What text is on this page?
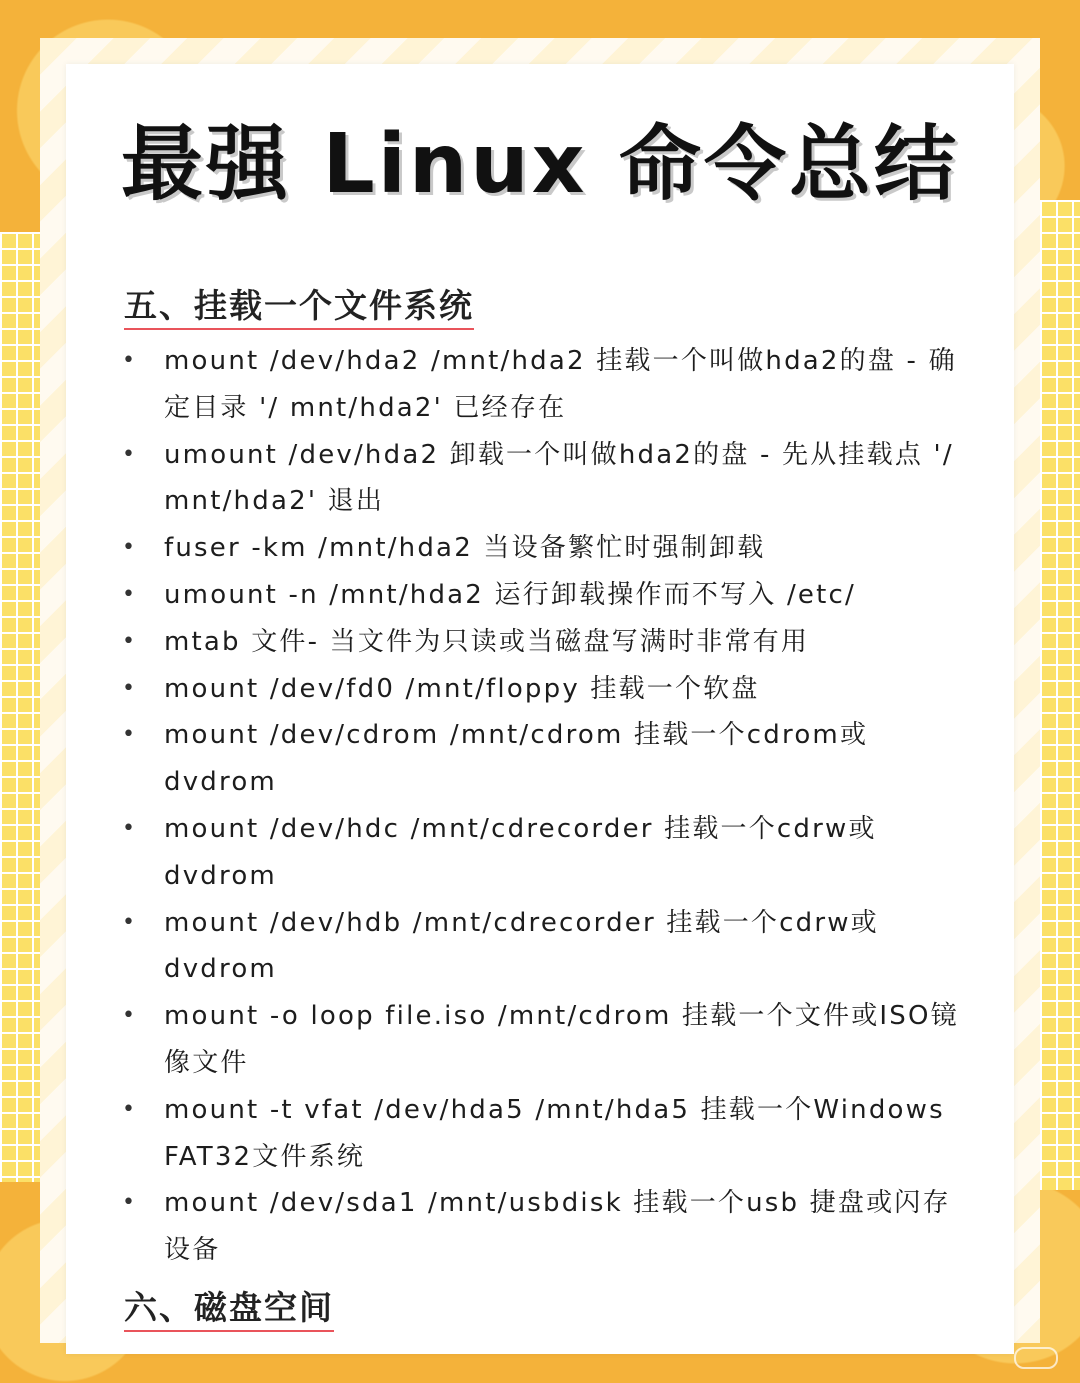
最强 Linux 命令总结
五、挂载一个文件系统
• mount /dev/hda2 /mnt/hda2 挂载一个叫做hda2的盘 - 确定目录 '/ mnt/hda2' 已经存在
• umount /dev/hda2 卸载一个叫做hda2的盘 - 先从挂载点 '/ mnt/hda2' 退出
• fuser -km /mnt/hda2 当设备繁忙时强制卸载
• umount -n /mnt/hda2 运行卸载操作而不写入 /etc/
• mtab 文件- 当文件为只读或当磁盘写满时非常有用
• mount /dev/fd0 /mnt/floppy 挂载一个软盘
• mount /dev/cdrom /mnt/cdrom 挂载一个cdrom或dvdrom
• mount /dev/hdc /mnt/cdrecorder 挂载一个cdrw或dvdrom
• mount /dev/hdb /mnt/cdrecorder 挂载一个cdrw或dvdrom
• mount -o loop file.iso /mnt/cdrom 挂载一个文件或ISO镜像文件
• mount -t vfat /dev/hda5 /mnt/hda5 挂载一个Windows FAT32文件系统
• mount /dev/sda1 /mnt/usbdisk 挂载一个usb 捷盘或闪存设备
六、磁盘空间
